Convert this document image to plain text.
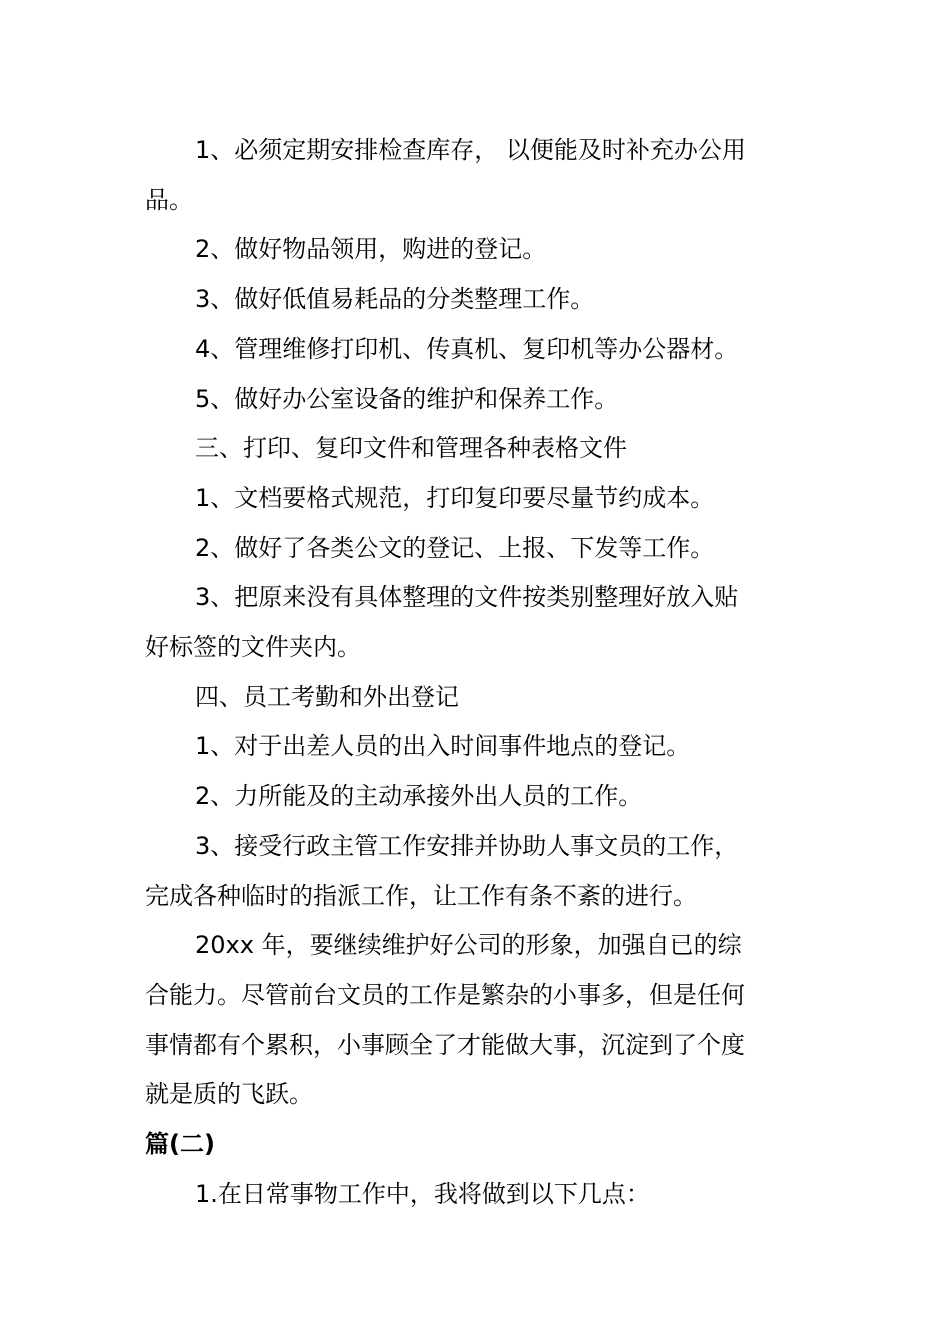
1、必须定期安排检查库存， 以便能及时补充办公用

品。

2、做好物品领用，购进的登记。

3、做好低值易耗品的分类整理工作。

4、管理维修打印机、传真机、复印机等办公器材。

5、做好办公室设备的维护和保养工作。

三、打印、复印文件和管理各种表格文件

1、文档要格式规范，打印复印要尽量节约成本。

2、做好了各类公文的登记、上报、下发等工作。

3、把原来没有具体整理的文件按类别整理好放入贴

好标签的文件夹内。

四、员工考勤和外出登记

1、对于出差人员的出入时间事件地点的登记。

2、力所能及的主动承接外出人员的工作。

3、接受行政主管工作安排并协助人事文员的工作，

完成各种临时的指派工作，让工作有条不紊的进行。

20xx 年，要继续维护好公司的形象，加强自已的综

合能力。尽管前台文员的工作是繁杂的小事多，但是任何

事情都有个累积，小事顾全了才能做大事，沉淀到了个度

就是质的飞跃。

篇(二)

1.在日常事物工作中，我将做到以下几点：
